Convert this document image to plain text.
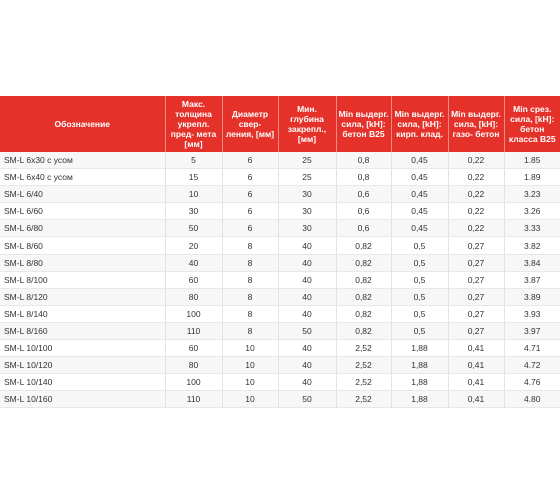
Обозначение	Макс. толщина укрепл. пред- мета [мм]	Диаметр свер- ления, [мм]	Мин. глубина закрепл., [мм]	Min выдерг. сила, [kH]: бетон B25	Min выдерг. сила, [kH]: кирп. клад.	Min выдерг. сила, [kH]: газо- бетон	Min срез. сила, [kH]: бетон класса B25
SM-L 6x30 с усом	5	6	25	0,8	0,45	0,22	1.85
SM-L 6x40 с усом	15	6	25	0,8	0,45	0,22	1.89
SM-L 6/40	10	6	30	0,6	0,45	0,22	3.23
SM-L 6/60	30	6	30	0,6	0,45	0,22	3.26
SM-L 6/80	50	6	30	0,6	0,45	0,22	3.33
SM-L 8/60	20	8	40	0,82	0,5	0,27	3.82
SM-L 8/80	40	8	40	0,82	0,5	0,27	3.84
SM-L 8/100	60	8	40	0,82	0,5	0,27	3.87
SM-L 8/120	80	8	40	0,82	0,5	0,27	3.89
SM-L 8/140	100	8	40	0,82	0,5	0,27	3.93
SM-L 8/160	110	8	50	0,82	0,5	0,27	3.97
SM-L 10/100	60	10	40	2,52	1,88	0,41	4.71
SM-L 10/120	80	10	40	2,52	1,88	0,41	4.72
SM-L 10/140	100	10	40	2,52	1,88	0,41	4.76
SM-L 10/160	110	10	50	2,52	1,88	0,41	4.80
